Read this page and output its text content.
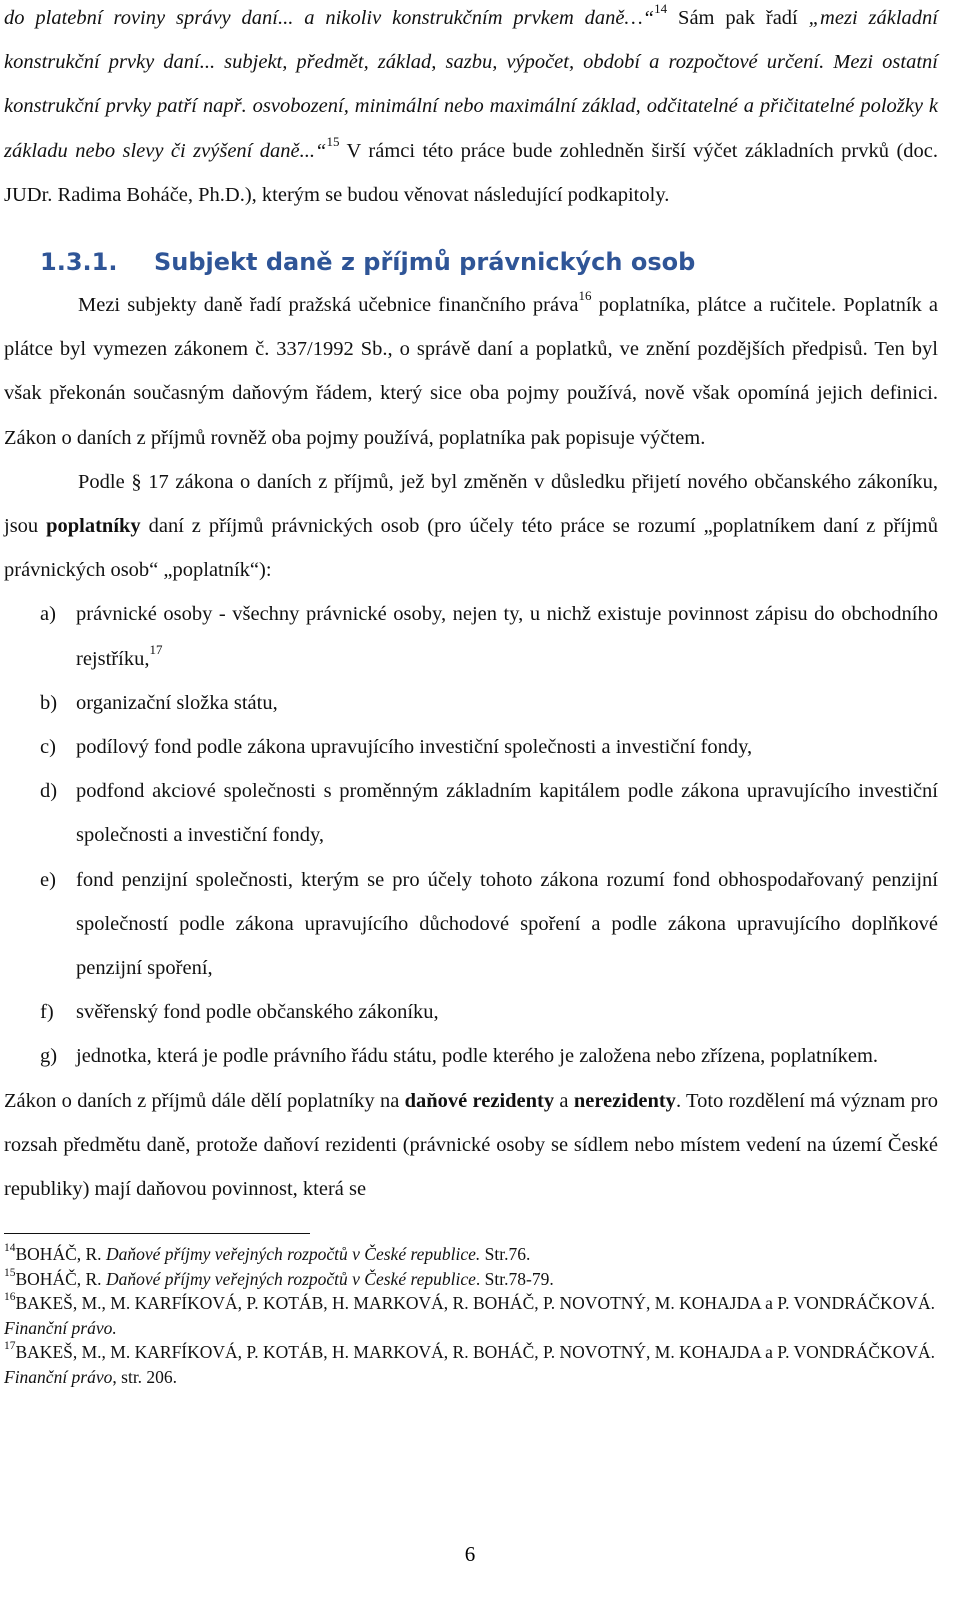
do platební roviny správy daní... a nikoliv konstrukčním prvkem daně…“$^{14}$ Sám pak řadí „mezi základní konstrukční prvky daní... subjekt, předmět, základ, sazbu, výpočet, období a rozpočtové určení. Mezi ostatní konstrukční prvky patří např. osvobození, minimální nebo maximální základ, odčitatelné a přičitatelné položky k základu nebo slevy či zvýšení daně...“$^{15}$ V rámci této práce bude zohledněn širší výčet základních prvků (doc. JUDr. Radima Boháče, Ph.D.), kterým se budou věnovat následující podkapitoly.

1.3.1.	Subjekt daně z příjmů právnických osob

Mezi subjekty daně řadí pražská učebnice finančního práva$^{16}$ poplatníka, plátce a ručitele. Poplatník a plátce byl vymezen zákonem č. 337/1992 Sb., o správě daní a poplatků, ve znění pozdějších předpisů. Ten byl však překonán současným daňovým řádem, který sice oba pojmy používá, nově však opomíná jejich definici. Zákon o daních z příjmů rovněž oba pojmy používá, poplatníka pak popisuje výčtem.

Podle § 17 zákona o daních z příjmů, jež byl změněn v důsledku přijetí nového občanského zákoníku, jsou poplatníky daní z příjmů právnických osob (pro účely této práce se rozumí „poplatníkem daní z příjmů právnických osob“ „poplatník“):

a) právnické osoby - všechny právnické osoby, nejen ty, u nichž existuje povinnost zápisu do obchodního rejstříku,$^{17}$
b) organizační složka státu,
c) podílový fond podle zákona upravujícího investiční společnosti a investiční fondy,
d) podfond akciové společnosti s proměnným základním kapitálem podle zákona upravujícího investiční společnosti a investiční fondy,
e) fond penzijní společnosti, kterým se pro účely tohoto zákona rozumí fond obhospodařovaný penzijní společností podle zákona upravujícího důchodové spoření a podle zákona upravujícího doplňkové penzijní spoření,
f)	svěřenský fond podle občanského zákoníku,
g) jednotka, která je podle právního řádu státu, podle kterého je založena nebo zřízena, poplatníkem.

Zákon o daních z příjmů dále dělí poplatníky na daňové rezidenty a nerezidenty. Toto rozdělení má význam pro rozsah předmětu daně, protože daňoví rezidenti (právnické osoby se sídlem nebo místem vedení na území České republiky) mají daňovou povinnost, která se

$^{14}$BOHÁČ, R. Daňové příjmy veřejných rozpočtů v České republice. Str.76.

$^{15}$BOHÁČ, R. Daňové příjmy veřejných rozpočtů v České republice. Str.78-79.

$^{16}$BAKEŠ, M., M. KARFÍKOVÁ, P. KOTÁB, H. MARKOVÁ, R. BOHÁČ, P. NOVOTNÝ, M. KOHAJDA a P. VONDRÁČKOVÁ. Finanční právo.

$^{17}$BAKEŠ, M., M. KARFÍKOVÁ, P. KOTÁB, H. MARKOVÁ, R. BOHÁČ, P. NOVOTNÝ, M. KOHAJDA a P. VONDRÁČKOVÁ. Finanční právo, str. 206.

6
